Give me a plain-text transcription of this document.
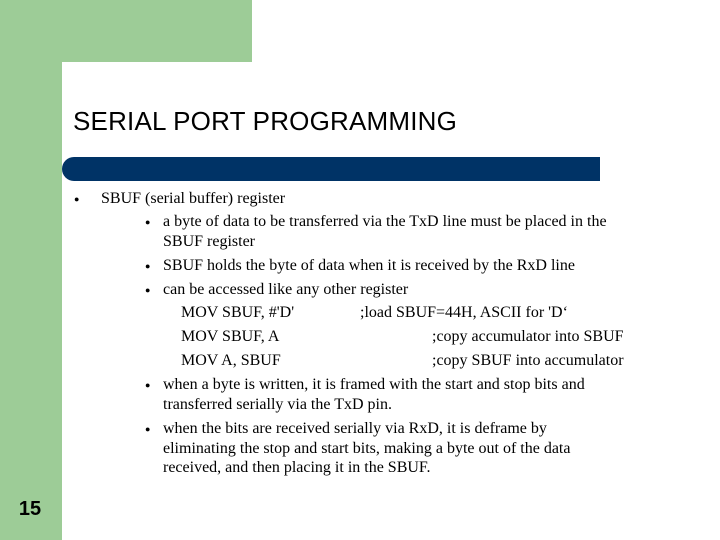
SERIAL PORT PROGRAMMING
● SBUF (serial buffer) register
● a byte of data to be transferred via the TxD line must be placed in the
SBUF register
● SBUF holds the byte of data when it is received by the RxD line
● can be accessed like any other register
MOV SBUF, #'D'	;load SBUF=44H, ASCII for 'D‘
MOV SBUF, A	;copy accumulator into SBUF
MOV A, SBUF	;copy SBUF into accumulator
● when a byte is written, it is framed with the start and stop bits and
transferred serially via the TxD pin.
● when the bits are received serially via RxD, it is deframe by
eliminating the stop and start bits, making a byte out of the data
received, and then placing it in the SBUF.
15
